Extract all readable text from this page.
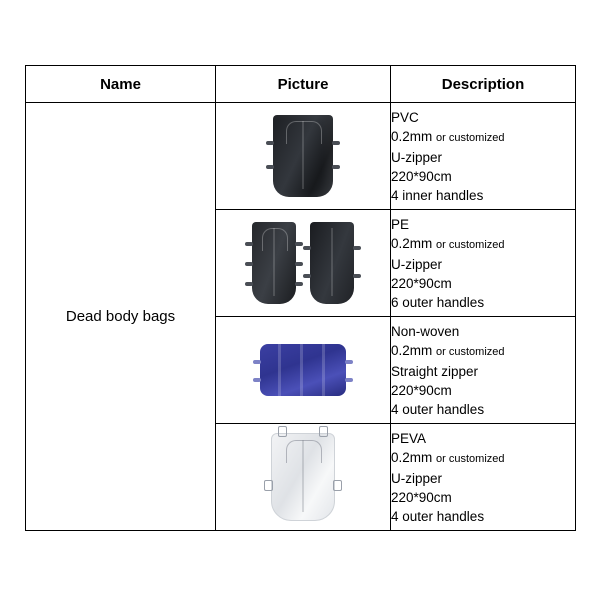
Name	Picture	Description
Dead body bags		PVC
0.2mm or customized
U-zipper
220*90cm
4 inner handles

		PE
0.2mm or customized
U-zipper
220*90cm
6 outer handles

		Non-woven
0.2mm or customized
Straight zipper
220*90cm
4 outer handles

		PEVA
0.2mm or customized
U-zipper
220*90cm
4 outer handles
